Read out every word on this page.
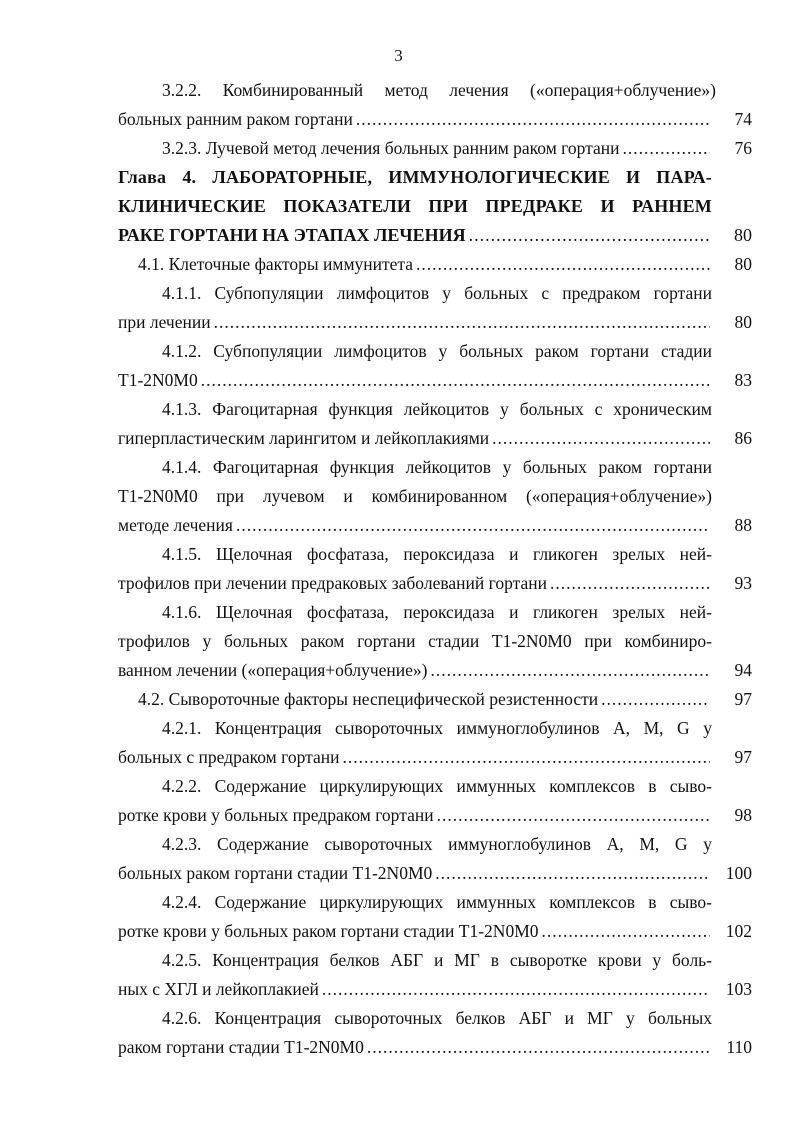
3
3.2.2. Комбинированный метод лечения («операция+облучение»)
больных ранним раком гортани .....	74
3.2.3. Лучевой метод лечения больных ранним раком гортани .....	76
Глава 4. ЛАБОРАТОРНЫЕ, ИММУНОЛОГИЧЕСКИЕ И ПАРА-
КЛИНИЧЕСКИЕ ПОКАЗАТЕЛИ ПРИ ПРЕДРАКЕ И РАННЕМ
РАКЕ ГОРТАНИ НА ЭТАПАХ ЛЕЧЕНИЯ .....	80
4.1. Клеточные факторы иммунитета .....	80
4.1.1. Субпопуляции лимфоцитов у больных с предраком гортани
при лечении .....	80
4.1.2. Субпопуляции лимфоцитов у больных раком гортани стадии
T1-2N0M0 .....	83
4.1.3. Фагоцитарная функция лейкоцитов у больных с хроническим
гиперпластическим ларингитом и лейкоплакиями .....	86
4.1.4. Фагоцитарная функция лейкоцитов у больных раком гортани
T1-2N0M0 при лучевом и комбинированном («операция+облучение»)
методе лечения .....	88
4.1.5. Щелочная фосфатаза, пероксидаза и гликоген зрелых ней-
трофилов при лечении предраковых заболеваний гортани .....	93
4.1.6. Щелочная фосфатаза, пероксидаза и гликоген зрелых ней-
трофилов у больных раком гортани стадии T1-2N0M0 при комбиниро-
ванном лечении («операция+облучение») .....	94
4.2. Сывороточные факторы неспецифической резистенности .....	97
4.2.1. Концентрация сывороточных иммуноглобулинов A, M, G у
больных с предраком гортани .....	97
4.2.2. Содержание циркулирующих иммунных комплексов в сыво-
ротке крови у больных предраком гортани .....	98
4.2.3. Содержание сывороточных иммуноглобулинов A, M, G у
больных раком гортани стадии T1-2N0M0 .....	100
4.2.4. Содержание циркулирующих иммунных комплексов в сыво-
ротке крови у больных раком гортани стадии T1-2N0M0 .....	102
4.2.5. Концентрация белков АБГ и МГ в сыворотке крови у боль-
ных с ХГЛ и лейкоплакией .....	103
4.2.6. Концентрация сывороточных белков АБГ и МГ у больных
раком гортани стадии T1-2N0M0 .....	110
